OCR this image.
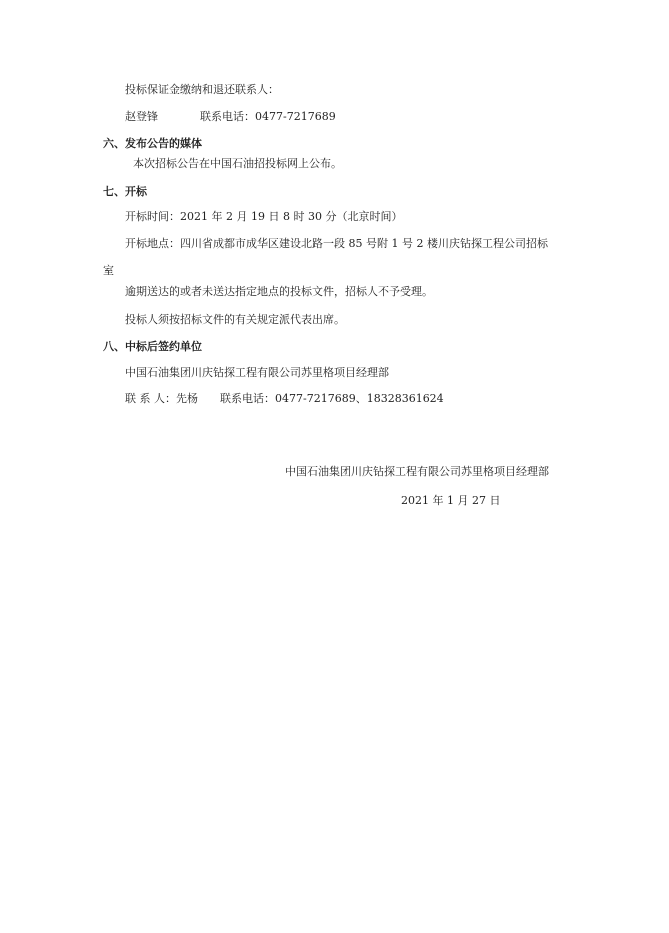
投标保证金缴纳和退还联系人：
赵登锋	联系电话：0477-7217689
六、发布公告的媒体
本次招标公告在中国石油招投标网上公布。
七、开标
开标时间：2021 年 2 月 19 日 8 时 30 分（北京时间）
开标地点：四川省成都市成华区建设北路一段 85 号附 1 号 2 楼川庆钻探工程公司招标
室
逾期送达的或者未送达指定地点的投标文件，招标人不予受理。
投标人须按招标文件的有关规定派代表出席。
八、中标后签约单位
中国石油集团川庆钻探工程有限公司苏里格项目经理部
联 系 人：先杨 联系电话：0477-7217689、18328361624
中国石油集团川庆钻探工程有限公司苏里格项目经理部
2021 年 1 月 27 日
